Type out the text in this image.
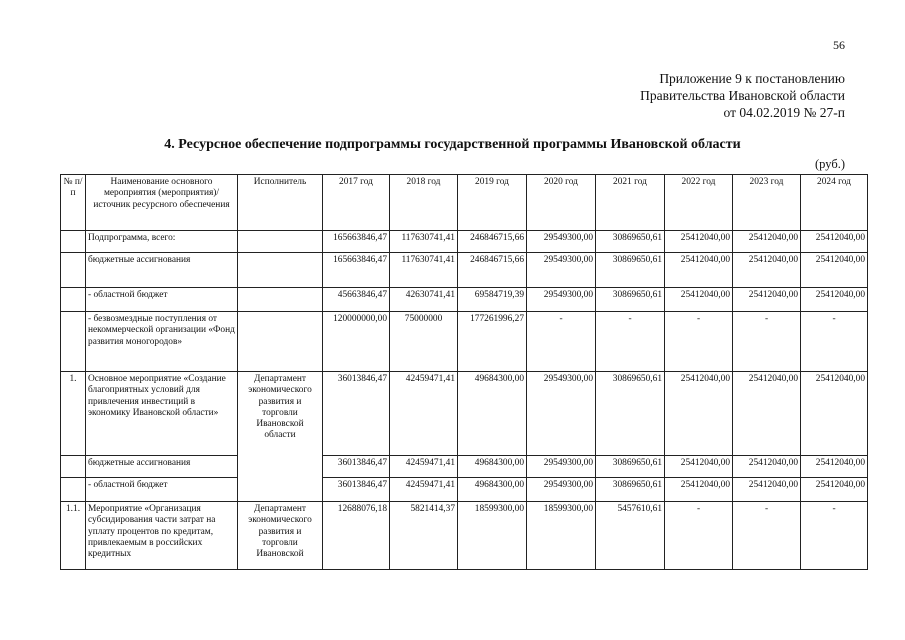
56
Приложение 9 к постановлению
Правительства Ивановской области
от 04.02.2019 № 27-п
4. Ресурсное обеспечение подпрограммы государственной программы Ивановской области
(руб.)
№ п/п	Наименование основного мероприятия (мероприятия)/источник ресурсного обеспечения	Исполнитель	2017 год	2018 год	2019 год	2020 год	2021 год	2022 год	2023 год	2024 год
	Подпрограмма, всего:		165663846,47	117630741,41	246846715,66	29549300,00	30869650,61	25412040,00	25412040,00	25412040,00
	бюджетные ассигнования		165663846,47	117630741,41	246846715,66	29549300,00	30869650,61	25412040,00	25412040,00	25412040,00
	- областной бюджет		45663846,47	42630741,41	69584719,39	29549300,00	30869650,61	25412040,00	25412040,00	25412040,00
	- безвозмездные поступления от некоммерческой организации «Фонд развития моногородов»		120000000,00	75000000	177261996,27	-	-	-	-	-
1.	Основное мероприятие «Создание благоприятных условий для привлечения инвестиций в экономику Ивановской области»	Департамент экономического развития и торговли Ивановской области	36013846,47	42459471,41	49684300,00	29549300,00	30869650,61	25412040,00	25412040,00	25412040,00
	бюджетные ассигнования		36013846,47	42459471,41	49684300,00	29549300,00	30869650,61	25412040,00	25412040,00	25412040,00
	- областной бюджет		36013846,47	42459471,41	49684300,00	29549300,00	30869650,61	25412040,00	25412040,00	25412040,00
1.1.	Мероприятие «Организация субсидирования части затрат на уплату процентов по кредитам, привлекаемым в российских кредитных	Департамент экономического развития и торговли Ивановской	12688076,18	5821414,37	18599300,00	18599300,00	5457610,61	-	-	-
